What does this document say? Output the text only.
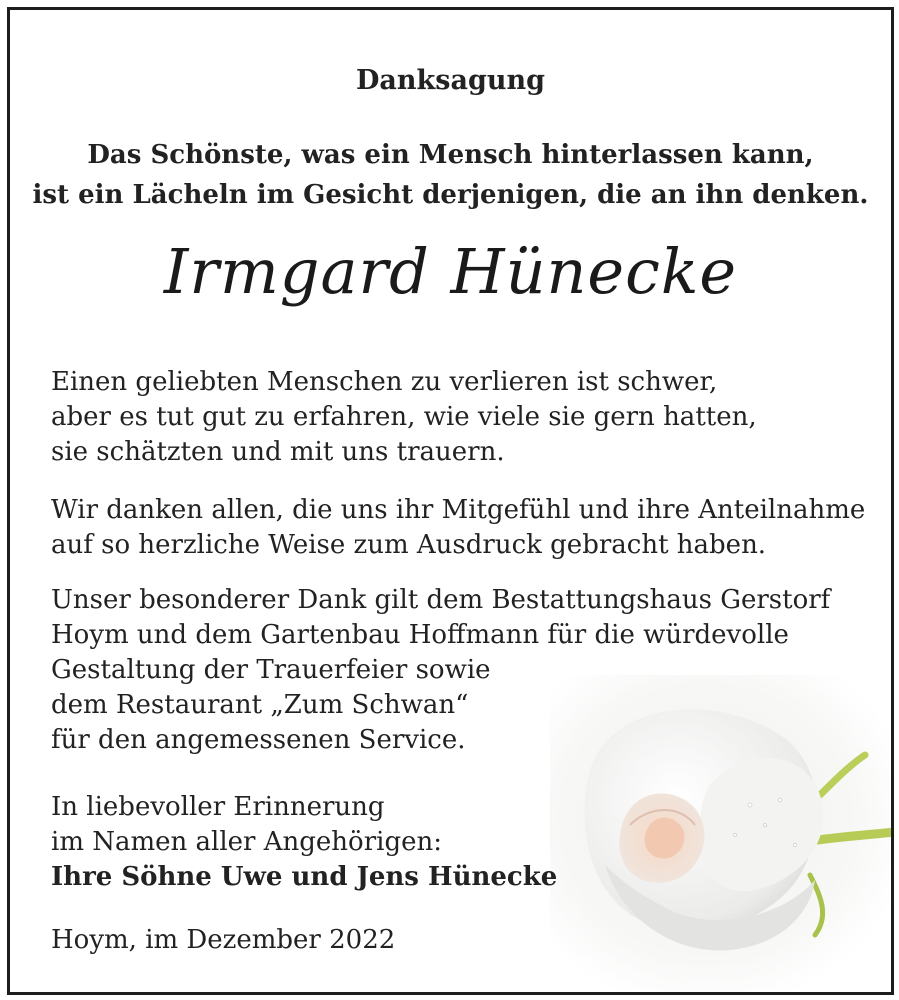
Danksagung
Das Schönste, was ein Mensch hinterlassen kann,
ist ein Lächeln im Gesicht derjenigen, die an ihn denken.
Irmgard Hünecke

Einen geliebten Menschen zu verlieren ist schwer,
aber es tut gut zu erfahren, wie viele sie gern hatten,
sie schätzten und mit uns trauern.

Wir danken allen, die uns ihr Mitgefühl und ihre Anteilnahme
auf so herzliche Weise zum Ausdruck gebracht haben.

Unser besonderer Dank gilt dem Bestattungshaus Gerstorf
Hoym und dem Gartenbau Hoffmann für die würdevolle
Gestaltung der Trauerfeier sowie
dem Restaurant „Zum Schwan“
für den angemessenen Service.

In liebevoller Erinnerung
im Namen aller Angehörigen:
Ihre Söhne Uwe und Jens Hünecke
Hoym, im Dezember 2022
